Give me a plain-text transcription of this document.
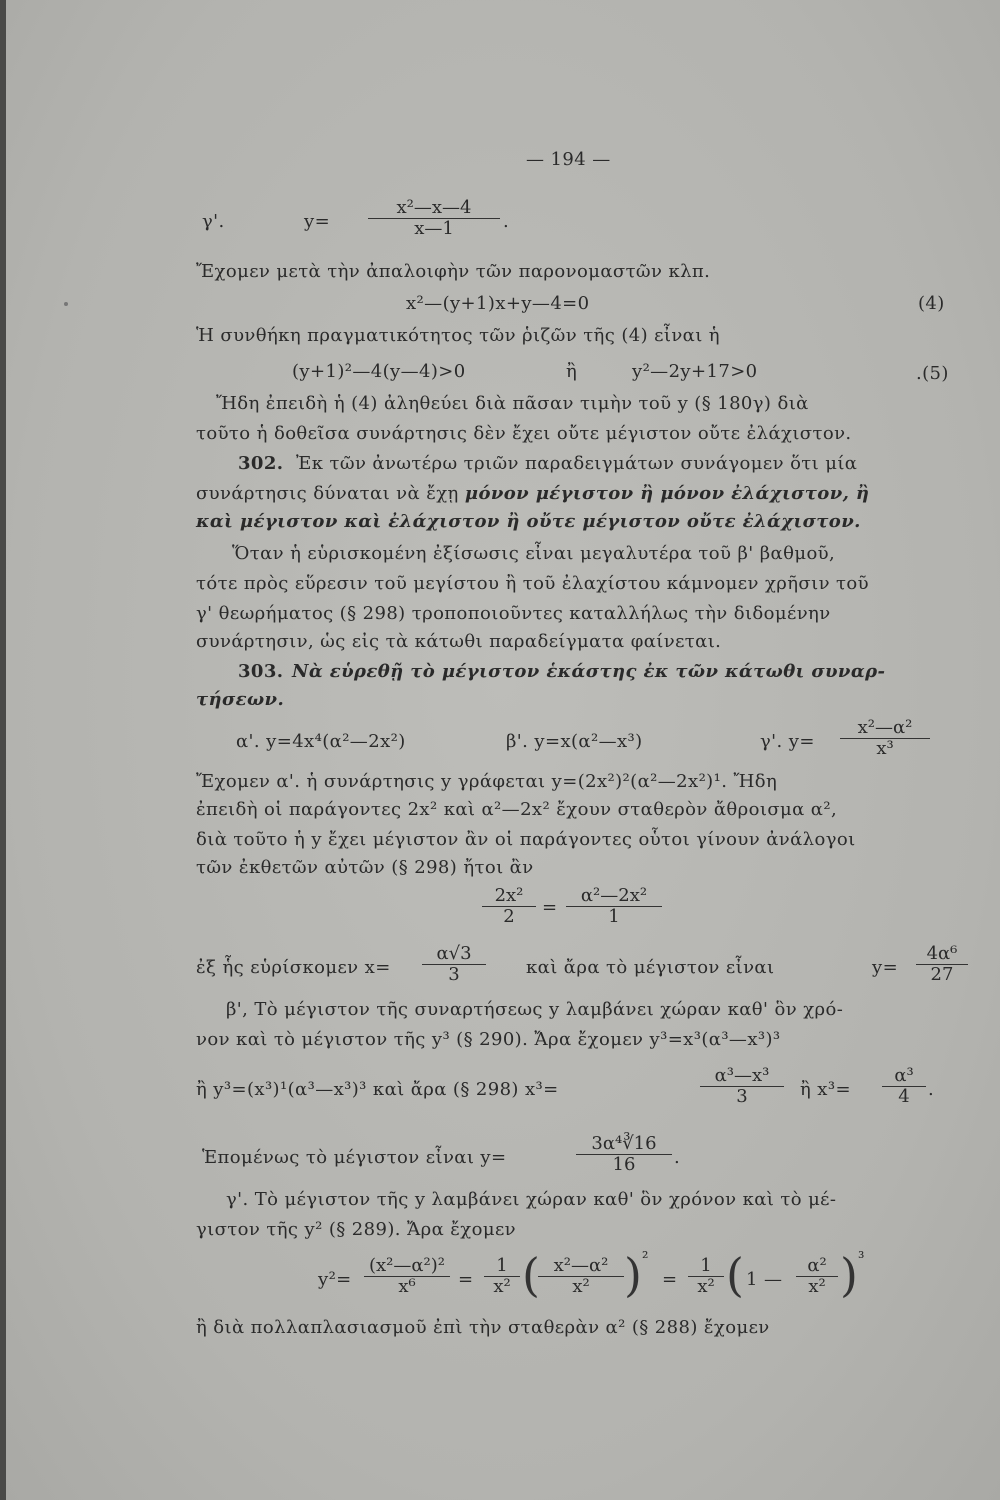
— 194 —
γ'.	$y= \frac{\text{x²—x—4}}{x—1}$ .
Ἔχομεν μετὰ τὴν ἀπαλοιφὴν τῶν παρονομαστῶν κλπ.
x²—(y+1)x+y—4=0	(4)
Ἡ συνθήκη πραγματικότητος τῶν ῥιζῶν τῆς (4) εἶναι ἡ
(y+1)²—4(y—4)>0	ἢ	y²—2y+17>0	.(5)
Ἤδη ἐπειδὴ ἡ (4) ἀληθεύει διὰ πᾶσαν τιμὴν τοῦ y (§ 180γ) διὰ
τοῦτο ἡ δοθεῖσα συνάρτησις δὲν ἔχει οὔτε μέγιστον οὔτε ἐλάχιστον.
302. Ἐκ τῶν ἀνωτέρω τριῶν παραδειγμάτων συνάγομεν ὅτι μία
συνάρτησις δύναται νὰ ἔχῃ μόνον μέγιστον ἢ μόνον ἐλάχιστον, ἢ
καὶ μέγιστον καὶ ἐλάχιστον ἢ οὔτε μέγιστον οὔτε ἐλάχιστον.
Ὅταν ἡ εὑρισκομένη ἐξίσωσις εἶναι μεγαλυτέρα τοῦ β' βαθμοῦ,
τότε πρὸς εὕρεσιν τοῦ μεγίστου ἢ τοῦ ἐλαχίστου κάμνομεν χρῆσιν τοῦ
γ' θεωρήματος (§ 298) τροποποιοῦντες καταλλήλως τὴν διδομένην
συνάρτησιν, ὡς εἰς τὰ κάτωθι παραδείγματα φαίνεται.
303. Νὰ εὑρεθῇ τὸ μέγιστον ἑκάστης ἐκ τῶν κάτωθι συναρ-
τήσεων.
α'. y=4x⁴(α²—2x²)	β'. y=x(α²—x³)	γ'. $y= \frac{\text{x²—α²}}{\text{x³}}$
Ἔχομεν α'. ἡ συνάρτησις y γράφεται y=(2x²)²(α²—2x²)¹. Ἤδη
ἐπειδὴ οἱ παράγοντες 2x² καὶ α²—2x² ἔχουν σταθερὸν ἄθροισμα α²,
διὰ τοῦτο ἡ y ἔχει μέγιστον ἂν οἱ παράγοντες οὗτοι γίνουν ἀνάλογοι
τῶν ἐκθετῶν αὐτῶν (§ 298) ἤτοι ἂν
$\frac{\text{2x²}}{2} = \frac{\text{α²—2x²}}{1}$
ἐξ ἧς εὑρίσκομεν $x= \frac{\alpha√3}{3}$ καὶ ἄρα τὸ μέγιστον εἶναι	$y= \frac{\text{4α⁶}}{27}$
β', Τὸ μέγιστον τῆς συναρτήσεως y λαμβάνει χώραν καθ' ὃν χρό-
νον καὶ τὸ μέγιστον τῆς y³ (§ 290). Ἄρα ἔχομεν y³=x³(α³—x³)³
ἢ y³=(x³)¹(α³—x³)³ καὶ ἄρα (§ 298) x³=	$\frac{\text{α³—x³}}{3}$ ἢ $x^3= \frac{\text{α³}}{4}$ .
Ἑπομένως τὸ μέγιστον εἶναι y=	$\frac{\text{3α⁴∛16}}{16}$ .
γ'. Τὸ μέγιστον τῆς y λαμβάνει χώραν καθ' ὃν χρόνον καὶ τὸ μέ-
γιστον τῆς y² (§ 289). Ἄρα ἔχομεν
$y^2= \frac{\text{(x²—α²)²}}{\text{x⁶}} = \frac{1}{\text{x²}}$ (
$\frac{\text{x²—α²}}{\text{x²}}$ ) ²
= $\frac{1}{\text{x²}}$ ( 1 — $\frac{\text{α²}}{\text{x²}}$ ) ³
ἢ διὰ πολλαπλασιασμοῦ ἐπὶ τὴν σταθερὰν α² (§ 288) ἔχομεν
